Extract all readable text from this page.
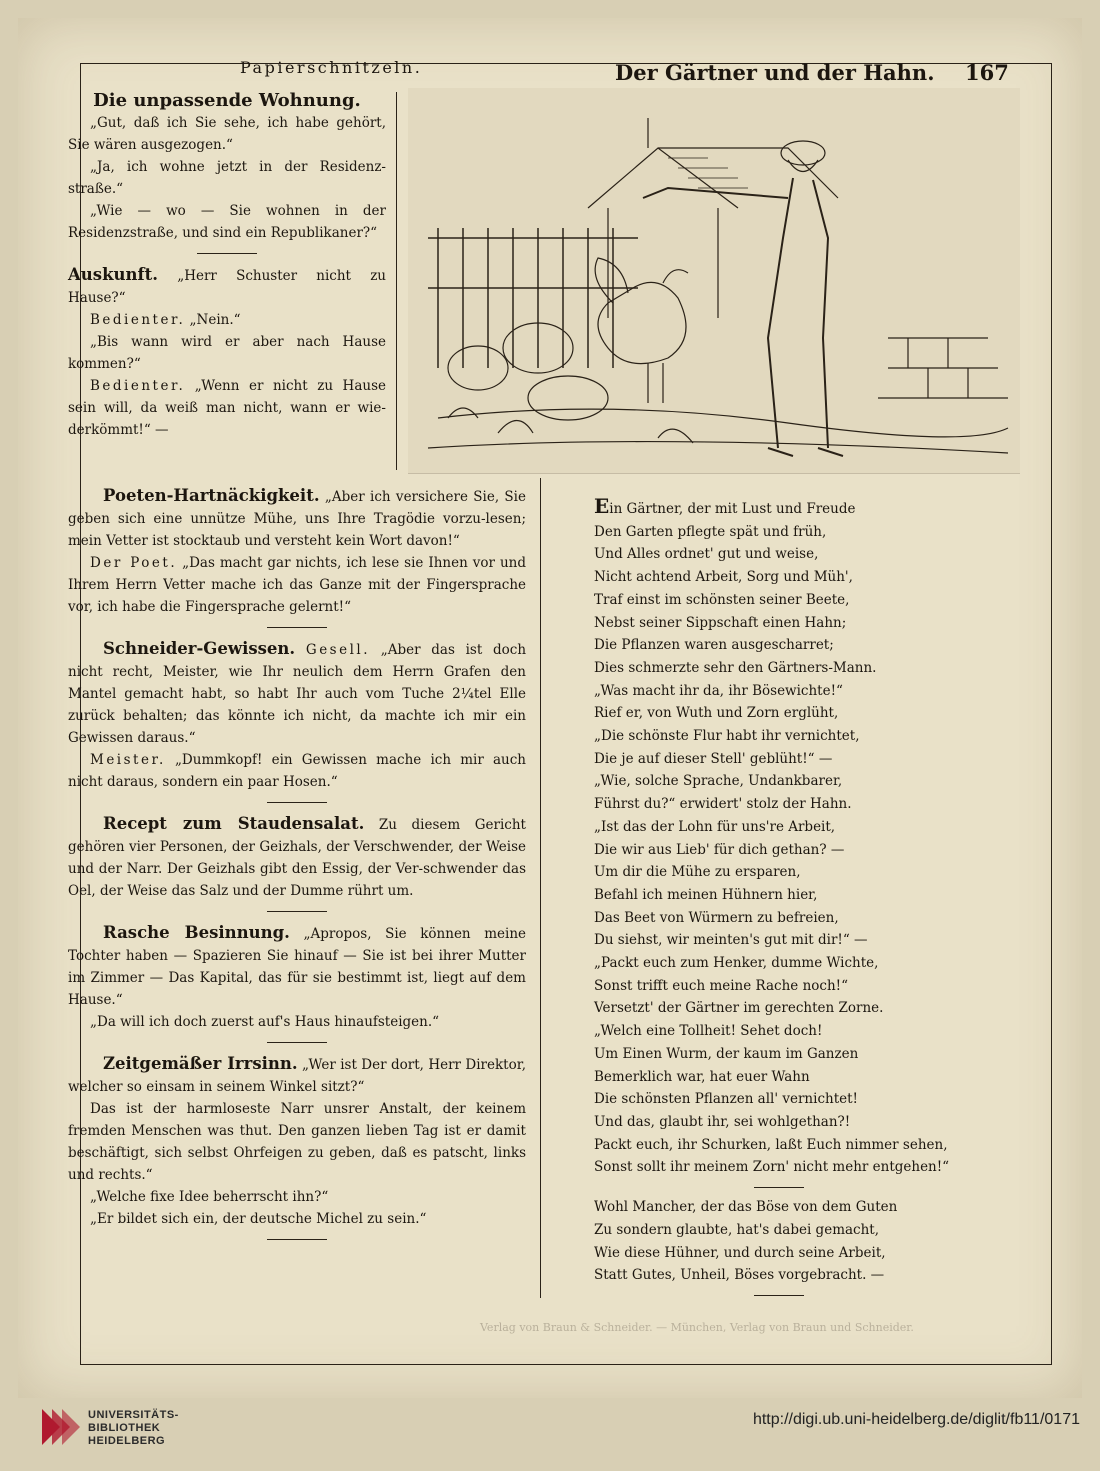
Papierschnitzeln.	Der Gärtner und der Hahn. 167

Die unpassende Wohnung.

„Gut, daß ich Sie sehe, ich habe gehört, Sie wären ausgezogen.“

„Ja, ich wohne jetzt in der Residenz-straße.“

„Wie — wo — Sie wohnen in der Residenzstraße, und sind ein Republikaner?“

Auskunft. „Herr Schuster nicht zu Hause?“

Bedienter. „Nein.“

„Bis wann wird er aber nach Hause kommen?“

Bedienter. „Wenn er nicht zu Hause sein will, da weiß man nicht, wann er wie-derkömmt!“ —

Poeten-Hartnäckigkeit. „Aber ich versichere Sie, Sie geben sich eine unnütze Mühe, uns Ihre Tragödie vorzu-lesen; mein Vetter ist stocktaub und versteht kein Wort davon!“

Der Poet. „Das macht gar nichts, ich lese sie Ihnen vor und Ihrem Herrn Vetter mache ich das Ganze mit der Fingersprache vor, ich habe die Fingersprache gelernt!“

Schneider-Gewissen. Gesell. „Aber das ist doch nicht recht, Meister, wie Ihr neulich dem Herrn Grafen den Mantel gemacht habt, so habt Ihr auch vom Tuche 2¼tel Elle zurück behalten; das könnte ich nicht, da machte ich mir ein Gewissen daraus.“

Meister. „Dummkopf! ein Gewissen mache ich mir auch nicht daraus, sondern ein paar Hosen.“

Recept zum Staudensalat. Zu diesem Gericht gehören vier Personen, der Geizhals, der Verschwender, der Weise und der Narr. Der Geizhals gibt den Essig, der Ver-schwender das Oel, der Weise das Salz und der Dumme rührt um.

Rasche Besinnung. „Apropos, Sie können meine Tochter haben — Spazieren Sie hinauf — Sie ist bei ihrer Mutter im Zimmer — Das Kapital, das für sie bestimmt ist, liegt auf dem Hause.“

„Da will ich doch zuerst auf's Haus hinaufsteigen.“

Zeitgemäßer Irrsinn. „Wer ist Der dort, Herr Direktor, welcher so einsam in seinem Winkel sitzt?“

Das ist der harmloseste Narr unsrer Anstalt, der keinem fremden Menschen was thut. Den ganzen lieben Tag ist er damit beschäftigt, sich selbst Ohrfeigen zu geben, daß es patscht, links und rechts.“

„Welche fixe Idee beherrscht ihn?“

„Er bildet sich ein, der deutsche Michel zu sein.“

Ein Gärtner, der mit Lust und Freude
Den Garten pflegte spät und früh,
Und Alles ordnet' gut und weise,
Nicht achtend Arbeit, Sorg und Müh',
Traf einst im schönsten seiner Beete,
Nebst seiner Sippschaft einen Hahn;
Die Pflanzen waren ausgescharret;
Dies schmerzte sehr den Gärtners-Mann.
„Was macht ihr da, ihr Bösewichte!“
Rief er, von Wuth und Zorn erglüht,
„Die schönste Flur habt ihr vernichtet,
Die je auf dieser Stell' geblüht!“ —
„Wie, solche Sprache, Undankbarer,
Führst du?“ erwidert' stolz der Hahn.
„Ist das der Lohn für uns're Arbeit,
Die wir aus Lieb' für dich gethan? —
Um dir die Mühe zu ersparen,
Befahl ich meinen Hühnern hier,
Das Beet von Würmern zu befreien,
Du siehst, wir meinten's gut mit dir!“ —
„Packt euch zum Henker, dumme Wichte,
Sonst trifft euch meine Rache noch!“
Versetzt' der Gärtner im gerechten Zorne.
„Welch eine Tollheit! Sehet doch!
Um Einen Wurm, der kaum im Ganzen
Bemerklich war, hat euer Wahn
Die schönsten Pflanzen all' vernichtet!
Und das, glaubt ihr, sei wohlgethan?!
Packt euch, ihr Schurken, laßt Euch nimmer sehen,
Sonst sollt ihr meinem Zorn' nicht mehr entgehen!“
Wohl Mancher, der das Böse von dem Guten
Zu sondern glaubte, hat's dabei gemacht,
Wie diese Hühner, und durch seine Arbeit,
Statt Gutes, Unheil, Böses vorgebracht. —
Verlag von Braun & Schneider. — München, Verlag von Braun und Schneider.
UNIVERSITÄTS-
BIBLIOTHEK
HEIDELBERG
http://digi.ub.uni-heidelberg.de/diglit/fb11/0171
